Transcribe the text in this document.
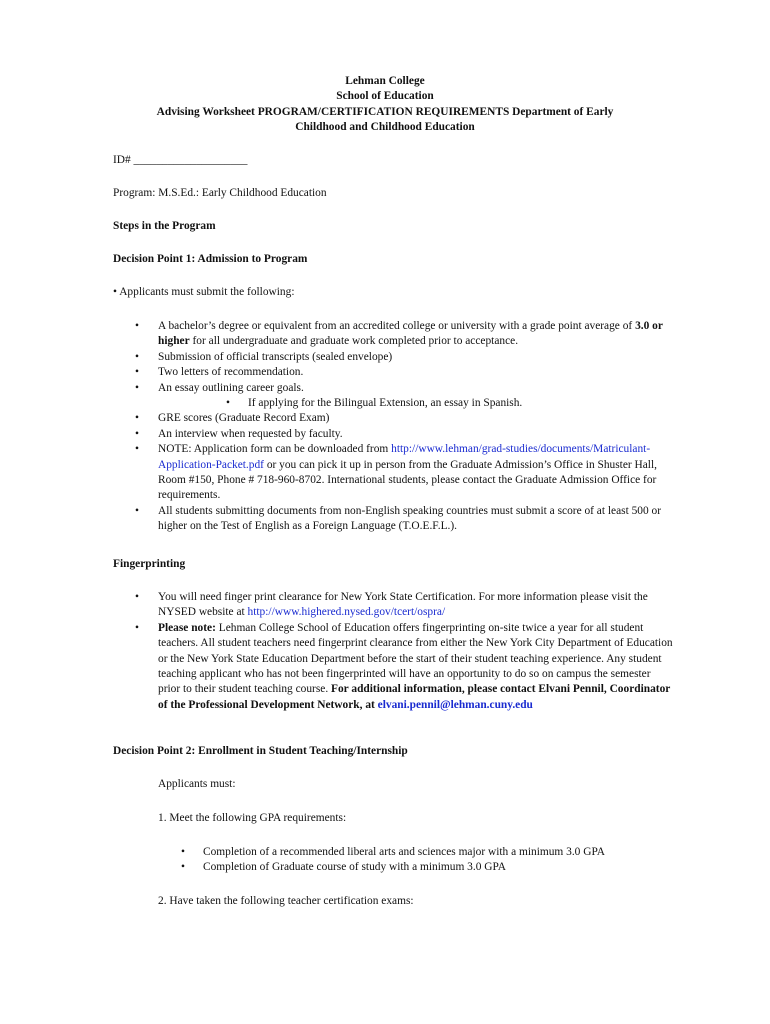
Lehman College
School of Education
Advising Worksheet PROGRAM/CERTIFICATION REQUIREMENTS Department of Early
Childhood and Childhood Education
ID# ____________________
Program: M.S.Ed.: Early Childhood Education
Steps in the Program
Decision Point 1: Admission to Program
• Applicants must submit the following:
• A bachelor’s degree or equivalent from an accredited college or university with a grade point average of 3.0 or higher for all undergraduate and graduate work completed prior to acceptance.
• Submission of official transcripts (sealed envelope)
• Two letters of recommendation.
• An essay outlining career goals.
• If applying for the Bilingual Extension, an essay in Spanish.
• GRE scores (Graduate Record Exam)
• An interview when requested by faculty.
• NOTE: Application form can be downloaded from http://www.lehman/grad-studies/documents/Matriculant- Application-Packet.pdf or you can pick it up in person from the Graduate Admission’s Office in Shuster Hall, Room #150, Phone # 718-960-8702. International students, please contact the Graduate Admission Office for requirements.
• All students submitting documents from non-English speaking countries must submit a score of at least 500 or higher on the Test of English as a Foreign Language (T.O.E.F.L.).
Fingerprinting
• You will need finger print clearance for New York State Certification. For more information please visit the NYSED website at http://www.highered.nysed.gov/tcert/ospra/
• Please note: Lehman College School of Education offers fingerprinting on-site twice a year for all student teachers. All student teachers need fingerprint clearance from either the New York City Department of Education or the New York State Education Department before the start of their student teaching experience. Any student teaching applicant who has not been fingerprinted will have an opportunity to do so on campus the semester prior to their student teaching course. For additional information, please contact Elvani Pennil, Coordinator of the Professional Development Network, at elvani.pennil@lehman.cuny.edu
Decision Point 2: Enrollment in Student Teaching/Internship
Applicants must:
1. Meet the following GPA requirements:
• Completion of a recommended liberal arts and sciences major with a minimum 3.0 GPA
• Completion of Graduate course of study with a minimum 3.0 GPA
2. Have taken the following teacher certification exams:
